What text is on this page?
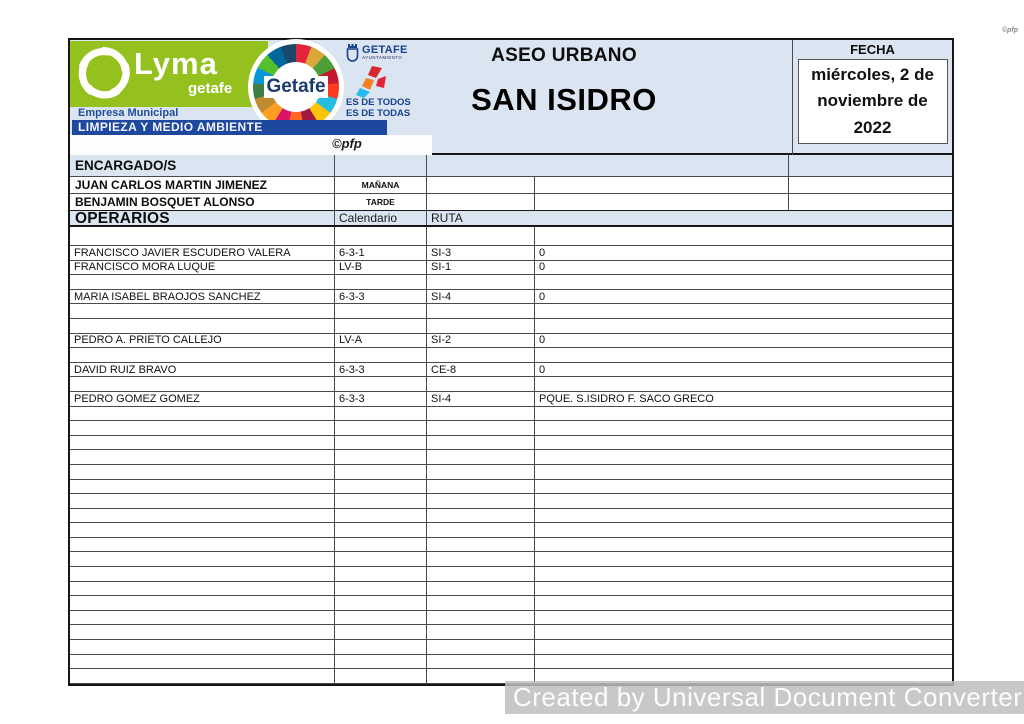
©pfp
Lyma
getafe Getafe
GETAFE
AYUNTAMIENTO
ES DE TODOS
ES DE TODAS
Empresa Municipal
LIMPIEZA Y MEDIO AMBIENTE
©pfp
ASEO URBANO
SAN ISIDRO
FECHA
miércoles, 2 de noviembre de 2022
ENCARGADO/S
JUAN CARLOS MARTIN JIMENEZ	MAÑANA
BENJAMIN BOSQUET ALONSO	TARDE
OPERARIOS	Calendario	RUTA
FRANCISCO JAVIER ESCUDERO VALERA	6-3-1	SI-3	0
FRANCISCO MORA LUQUE	LV-B	SI-1	0
MARIA ISABEL BRAOJOS SANCHEZ	6-3-3	SI-4	0
PEDRO A. PRIETO CALLEJO	LV-A	SI-2	0
DAVID RUIZ BRAVO	6-3-3	CE-8	0
PEDRO GOMEZ GOMEZ	6-3-3	SI-4	PQUE. S.ISIDRO F. SACO GRECO
Created by Universal Document Converter
